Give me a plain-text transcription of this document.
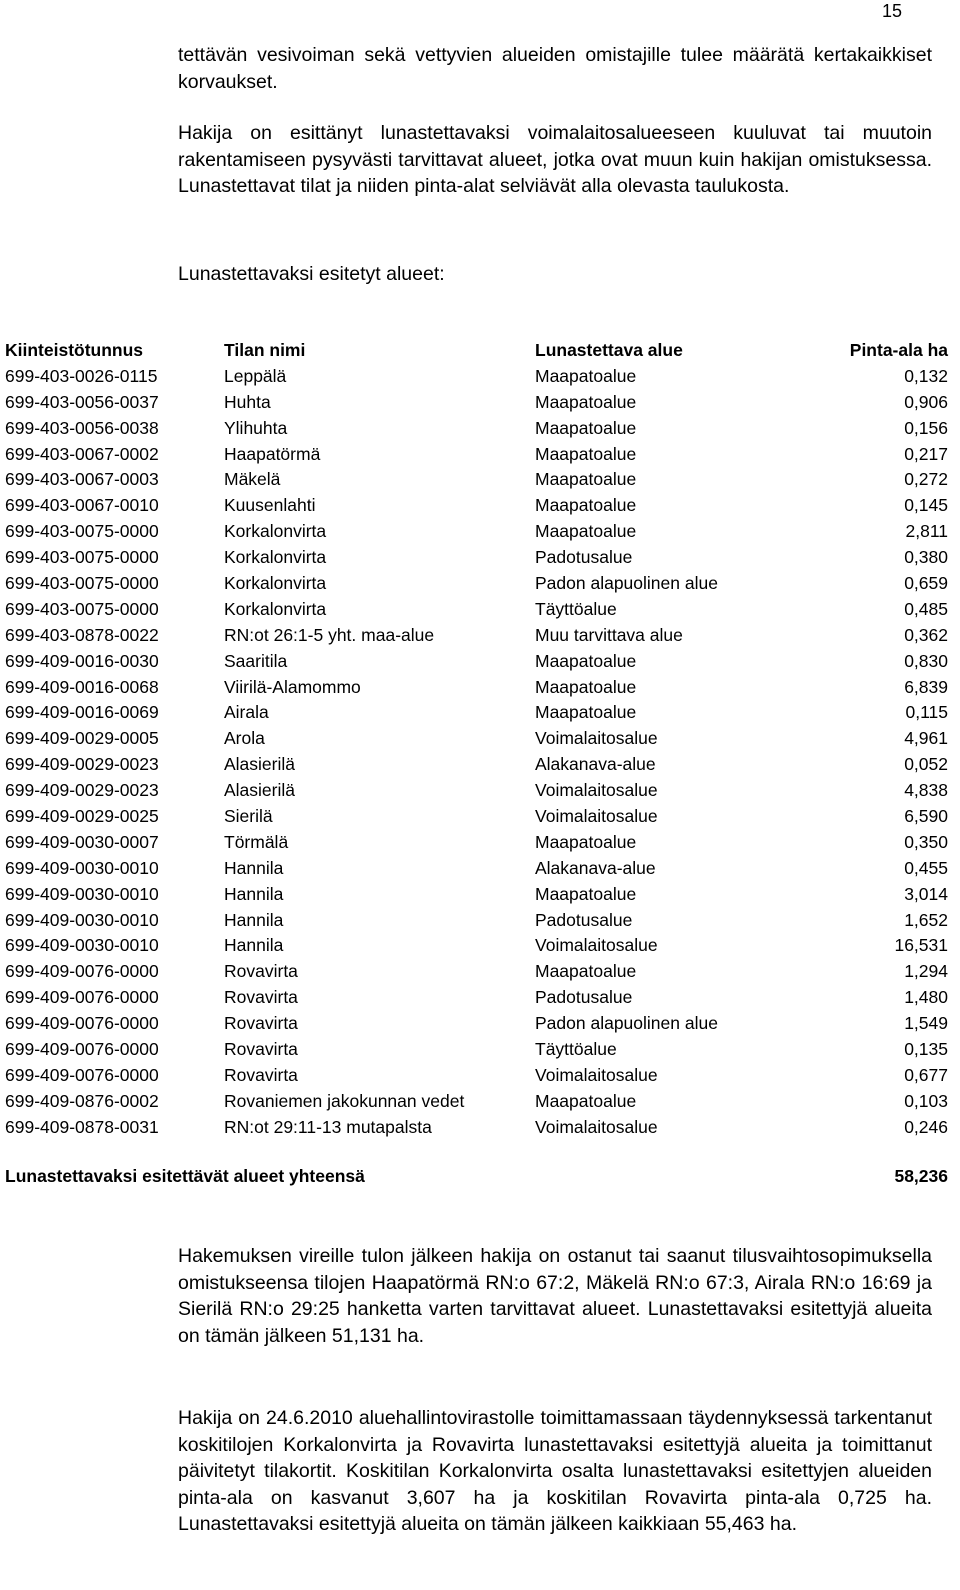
15

tettävän vesivoiman sekä vettyvien alueiden omistajille tulee määrätä kertakaikkiset korvaukset.

Hakija on esittänyt lunastettavaksi voimalaitosalueeseen kuuluvat tai muutoin rakentamiseen pysyvästi tarvittavat alueet, jotka ovat muun kuin hakijan omistuksessa. Lunastettavat tilat ja niiden pinta-alat selviävät alla olevasta taulukosta.

Lunastettavaksi esitetyt alueet:

Kiinteistötunnus	Tilan nimi	Lunastettava alue	Pinta-ala ha
699-403-0026-0115	Leppälä	Maapatoalue	0,132
699-403-0056-0037	Huhta	Maapatoalue	0,906
699-403-0056-0038	Ylihuhta	Maapatoalue	0,156
699-403-0067-0002	Haapatörmä	Maapatoalue	0,217
699-403-0067-0003	Mäkelä	Maapatoalue	0,272
699-403-0067-0010	Kuusenlahti	Maapatoalue	0,145
699-403-0075-0000	Korkalonvirta	Maapatoalue	2,811
699-403-0075-0000	Korkalonvirta	Padotusalue	0,380
699-403-0075-0000	Korkalonvirta	Padon alapuolinen alue	0,659
699-403-0075-0000	Korkalonvirta	Täyttöalue	0,485
699-403-0878-0022	RN:ot 26:1-5 yht. maa-alue	Muu tarvittava alue	0,362
699-409-0016-0030	Saaritila	Maapatoalue	0,830
699-409-0016-0068	Viirilä-Alamommo	Maapatoalue	6,839
699-409-0016-0069	Airala	Maapatoalue	0,115
699-409-0029-0005	Arola	Voimalaitosalue	4,961
699-409-0029-0023	Alasierilä	Alakanava-alue	0,052
699-409-0029-0023	Alasierilä	Voimalaitosalue	4,838
699-409-0029-0025	Sierilä	Voimalaitosalue	6,590
699-409-0030-0007	Törmälä	Maapatoalue	0,350
699-409-0030-0010	Hannila	Alakanava-alue	0,455
699-409-0030-0010	Hannila	Maapatoalue	3,014
699-409-0030-0010	Hannila	Padotusalue	1,652
699-409-0030-0010	Hannila	Voimalaitosalue	16,531
699-409-0076-0000	Rovavirta	Maapatoalue	1,294
699-409-0076-0000	Rovavirta	Padotusalue	1,480
699-409-0076-0000	Rovavirta	Padon alapuolinen alue	1,549
699-409-0076-0000	Rovavirta	Täyttöalue	0,135
699-409-0076-0000	Rovavirta	Voimalaitosalue	0,677
699-409-0876-0002	Rovaniemen jakokunnan vedet	Maapatoalue	0,103
699-409-0878-0031	RN:ot 29:11-13 mutapalsta	Voimalaitosalue	0,246
Lunastettavaksi esitettävät alueet yhteensä	58,236

Hakemuksen vireille tulon jälkeen hakija on ostanut tai saanut tilusvaihtosopimuksella omistukseensa tilojen Haapatörmä RN:o 67:2, Mäkelä RN:o 67:3, Airala RN:o 16:69 ja Sierilä RN:o 29:25 hanketta varten tarvittavat alueet. Lunastettavaksi esitettyjä alueita on tämän jälkeen 51,131 ha.

Hakija on 24.6.2010 aluehallintovirastolle toimittamassaan täydennyksessä tarkentanut koskitilojen Korkalonvirta ja Rovavirta lunastettavaksi esitettyjä alueita ja toimittanut päivitetyt tilakortit. Koskitilan Korkalonvirta osalta lunastettavaksi esitettyjen alueiden pinta-ala on kasvanut 3,607 ha ja koskitilan Rovavirta pinta-ala 0,725 ha. Lunastettavaksi esitettyjä alueita on tämän jälkeen kaikkiaan 55,463 ha.
